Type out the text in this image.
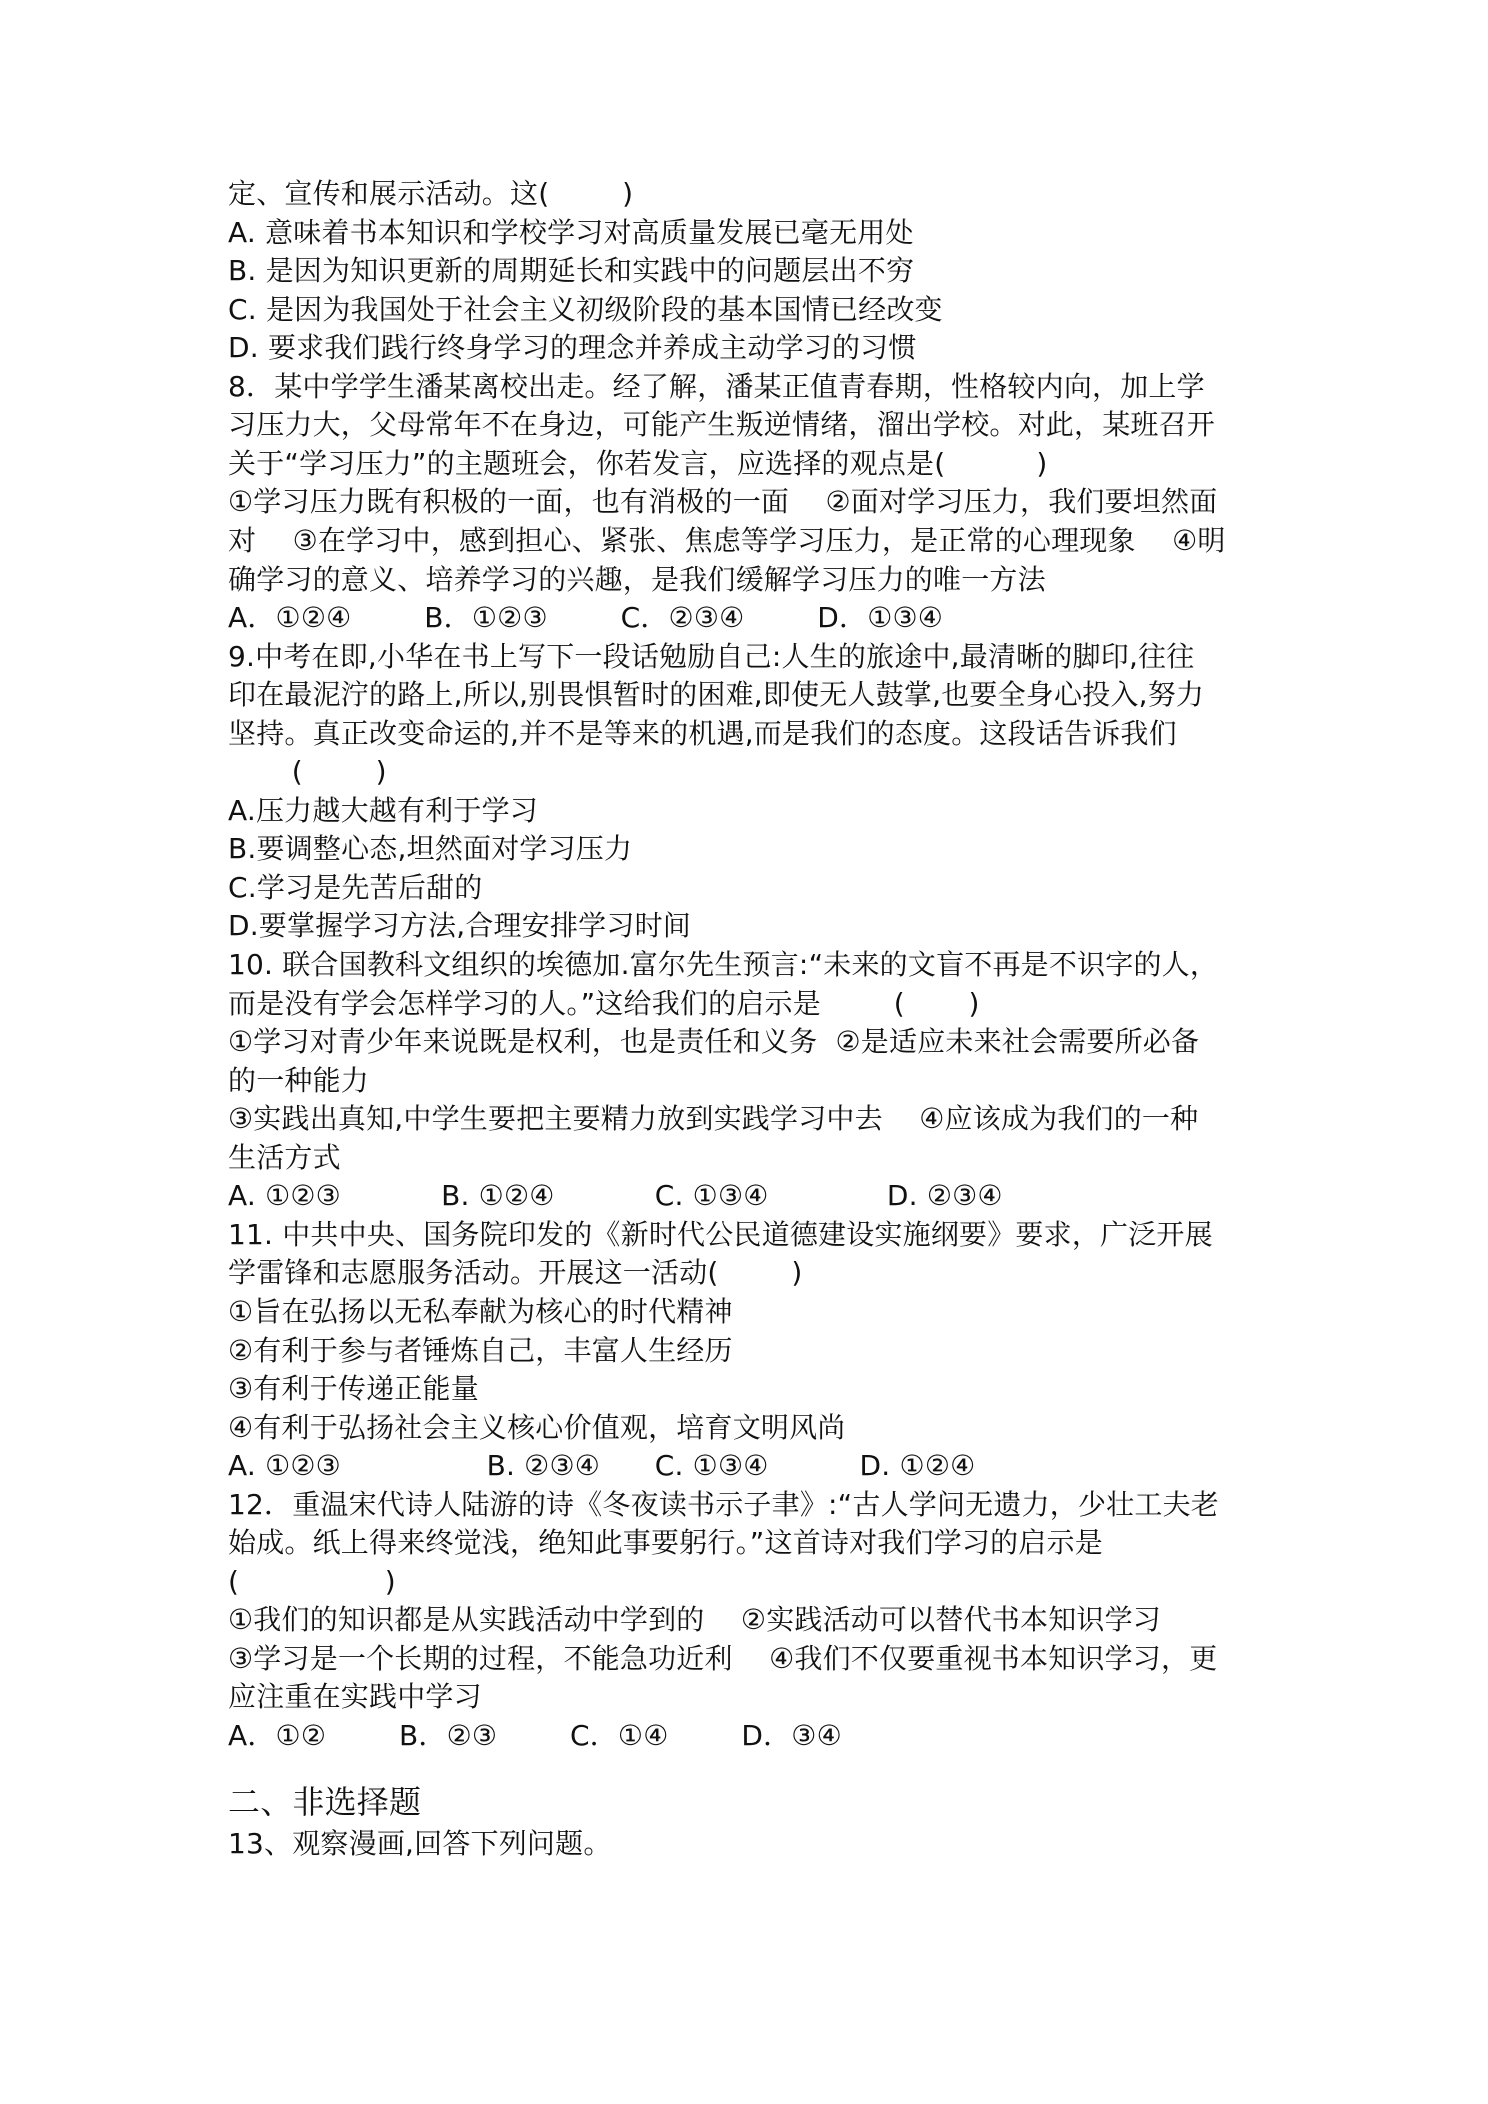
定、宣传和展示活动。这(        )
A. 意味着书本知识和学校学习对高质量发展已毫无用处
B. 是因为知识更新的周期延长和实践中的问题层出不穷
C. 是因为我国处于社会主义初级阶段的基本国情已经改变
D. 要求我们践行终身学习的理念并养成主动学习的习惯
8．某中学学生潘某离校出走。经了解，潘某正值青春期，性格较内向，加上学
习压力大，父母常年不在身边，可能产生叛逆情绪，溜出学校。对此，某班召开
关于“学习压力”的主题班会，你若发言，应选择的观点是(          )
①学习压力既有积极的一面，也有消极的一面    ②面对学习压力，我们要坦然面
对    ③在学习中，感到担心、紧张、焦虑等学习压力，是正常的心理现象    ④明
确学习的意义、培养学习的兴趣，是我们缓解学习压力的唯一方法
A．①②④        B．①②③        C．②③④        D．①③④
9.中考在即,小华在书上写下一段话勉励自己:人生的旅途中,最清晰的脚印,往往
印在最泥泞的路上,所以,别畏惧暂时的困难,即使无人鼓掌,也要全身心投入,努力
坚持。真正改变命运的,并不是等来的机遇,而是我们的态度。这段话告诉我们
(        )
A.压力越大越有利于学习
B.要调整心态,坦然面对学习压力
C.学习是先苦后甜的
D.要掌握学习方法,合理安排学习时间
10. 联合国教科文组织的埃德加.富尔先生预言:“未来的文盲不再是不识字的人，
而是没有学会怎样学习的人。”这给我们的启示是        (       )
①学习对青少年来说既是权利，也是责任和义务  ②是适应未来社会需要所必备
的一种能力
③实践出真知,中学生要把主要精力放到实践学习中去    ④应该成为我们的一种
生活方式
A. ①②③           B. ①②④           C. ①③④             D. ②③④
11. 中共中央、国务院印发的《新时代公民道德建设实施纲要》要求，广泛开展
学雷锋和志愿服务活动。开展这一活动(        )
①旨在弘扬以无私奉献为核心的时代精神
②有利于参与者锤炼自己，丰富人生经历
③有利于传递正能量
④有利于弘扬社会主义核心价值观，培育文明风尚
A. ①②③                B. ②③④      C. ①③④          D. ①②④
12．重温宋代诗人陆游的诗《冬夜读书示子聿》:“古人学问无遗力，少壮工夫老
始成。纸上得来终觉浅，绝知此事要躬行。”这首诗对我们学习的启示是
(                )
①我们的知识都是从实践活动中学到的    ②实践活动可以替代书本知识学习
③学习是一个长期的过程，不能急功近利    ④我们不仅要重视书本知识学习，更
应注重在实践中学习
A．①②        B．②③        C．①④        D．③④
二、非选择题
13、观察漫画,回答下列问题。
